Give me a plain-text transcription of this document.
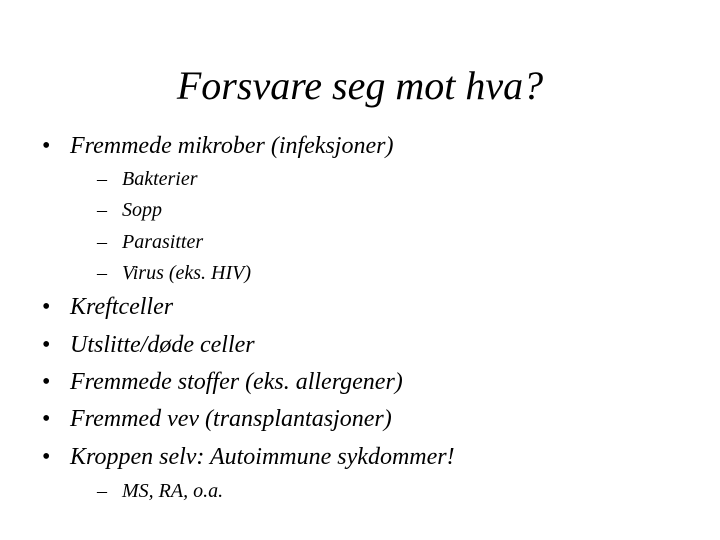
Forsvare seg mot hva?
• Fremmede mikrober (infeksjoner)
– Bakterier
– Sopp
– Parasitter
– Virus (eks. HIV)
• Kreftceller
• Utslitte/døde celler
• Fremmede stoffer (eks. allergener)
• Fremmed vev (transplantasjoner)
• Kroppen selv: Autoimmune sykdommer!
– MS, RA, o.a.
